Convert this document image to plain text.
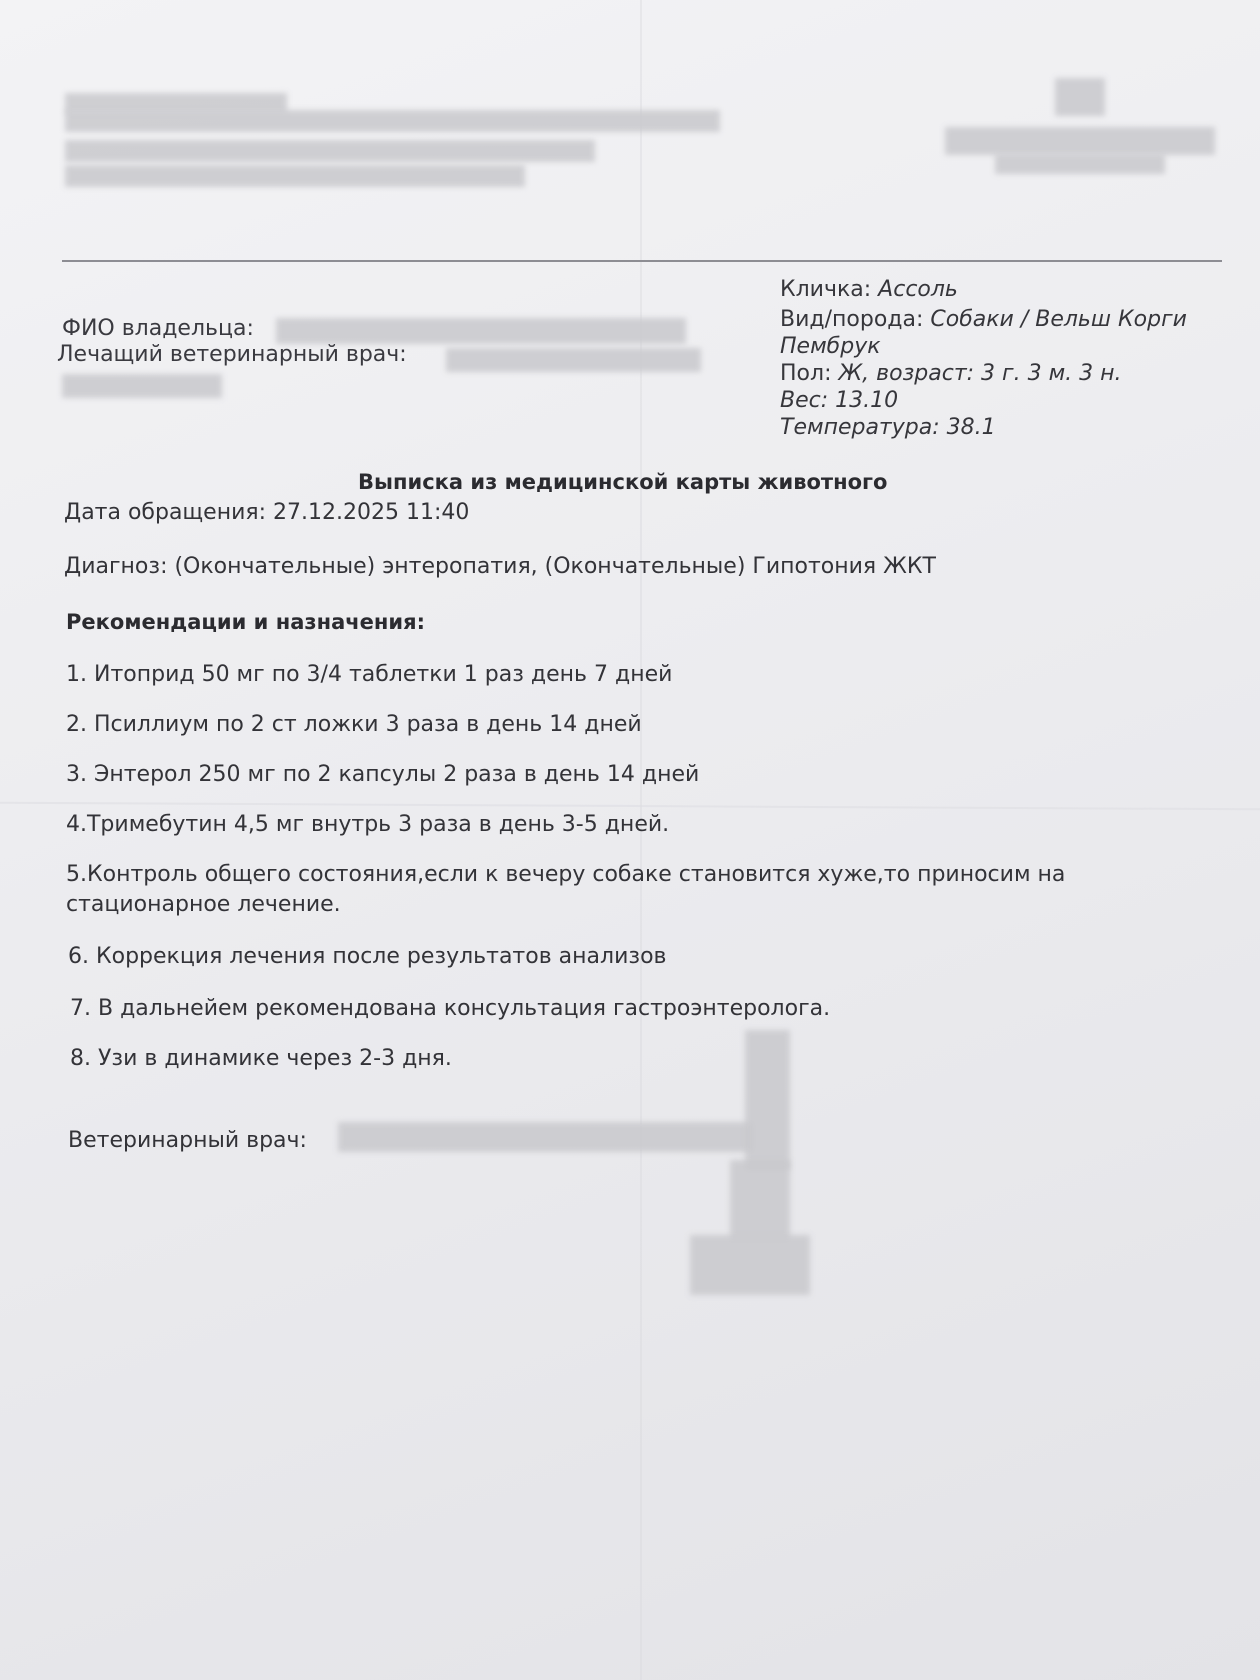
Кличка: Ассоль
Вид/порода: Собаки / Вельш Корги
Пембрук
Пол: Ж, возраст: 3 г. 3 м. 3 н.
Вес: 13.10
Температура: 38.1
ФИО владельца:
Лечащий ветеринарный врач:
Выписка из медицинской карты животного
Дата обращения: 27.12.2025 11:40
Диагноз: (Окончательные) энтеропатия, (Окончательные) Гипотония ЖКТ
Рекомендации и назначения:
1. Итоприд 50 мг по 3/4 таблетки 1 раз день 7 дней
2. Псиллиум по 2 ст ложки 3 раза в день 14 дней
3. Энтерол 250 мг по 2 капсулы 2 раза в день 14 дней
4.Тримебутин 4,5 мг внутрь 3 раза в день 3-5 дней.
5.Контроль общего состояния,если к вечеру собаке становится хуже,то приносим на
стационарное лечение.
6. Коррекция лечения после результатов анализов
7. В дальнейем рекомендована консультация гастроэнтеролога.
8. Узи в динамике через 2-3 дня.
Ветеринарный врач:
